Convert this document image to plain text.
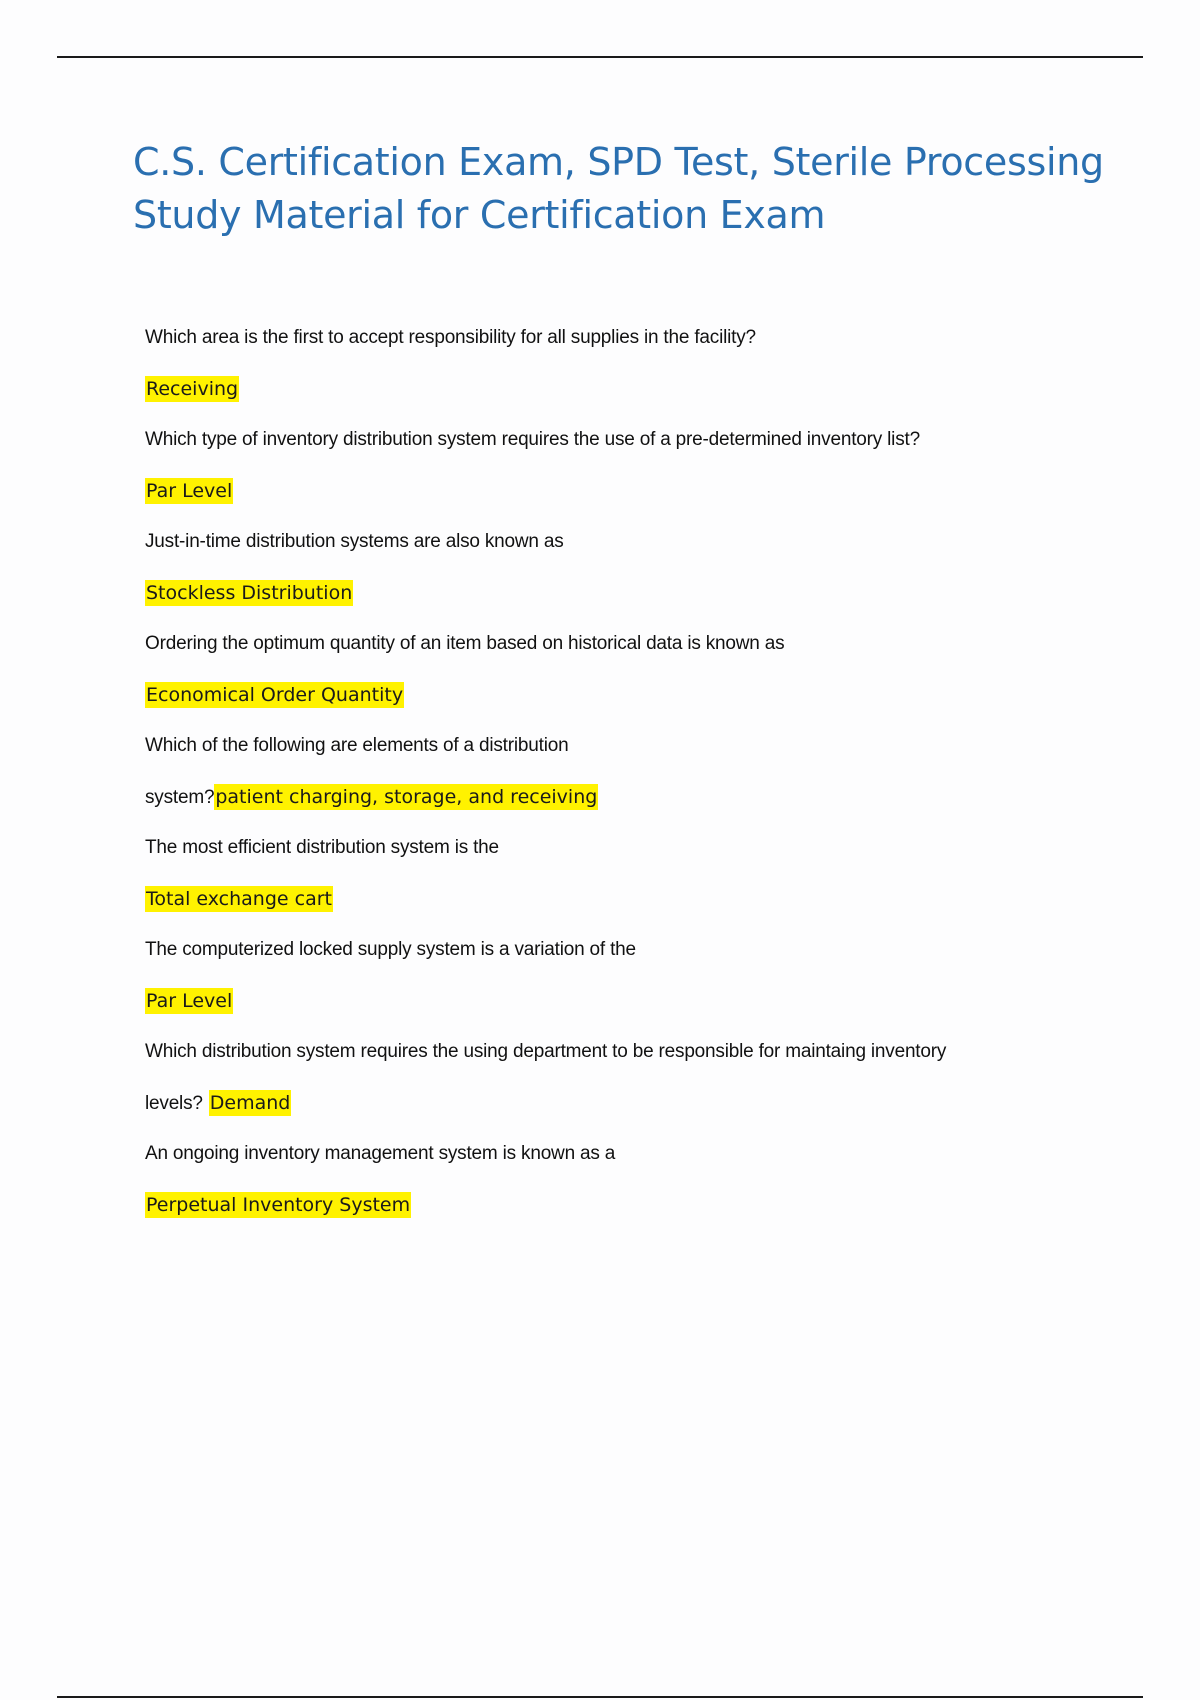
C.S. Certification Exam, SPD Test, Sterile Processing Study Material for Certification Exam
Which area is the first to accept responsibility for all supplies in the facility?
Receiving
Which type of inventory distribution system requires the use of a pre-determined inventory list?
Par Level
Just-in-time distribution systems are also known as
Stockless Distribution
Ordering the optimum quantity of an item based on historical data is known as
Economical Order Quantity
Which of the following are elements of a distribution
system?patient charging, storage, and receiving
The most efficient distribution system is the
Total exchange cart
The computerized locked supply system is a variation of the
Par Level
Which distribution system requires the using department to be responsible for maintaing inventory
levels? Demand
An ongoing inventory management system is known as a
Perpetual Inventory System
